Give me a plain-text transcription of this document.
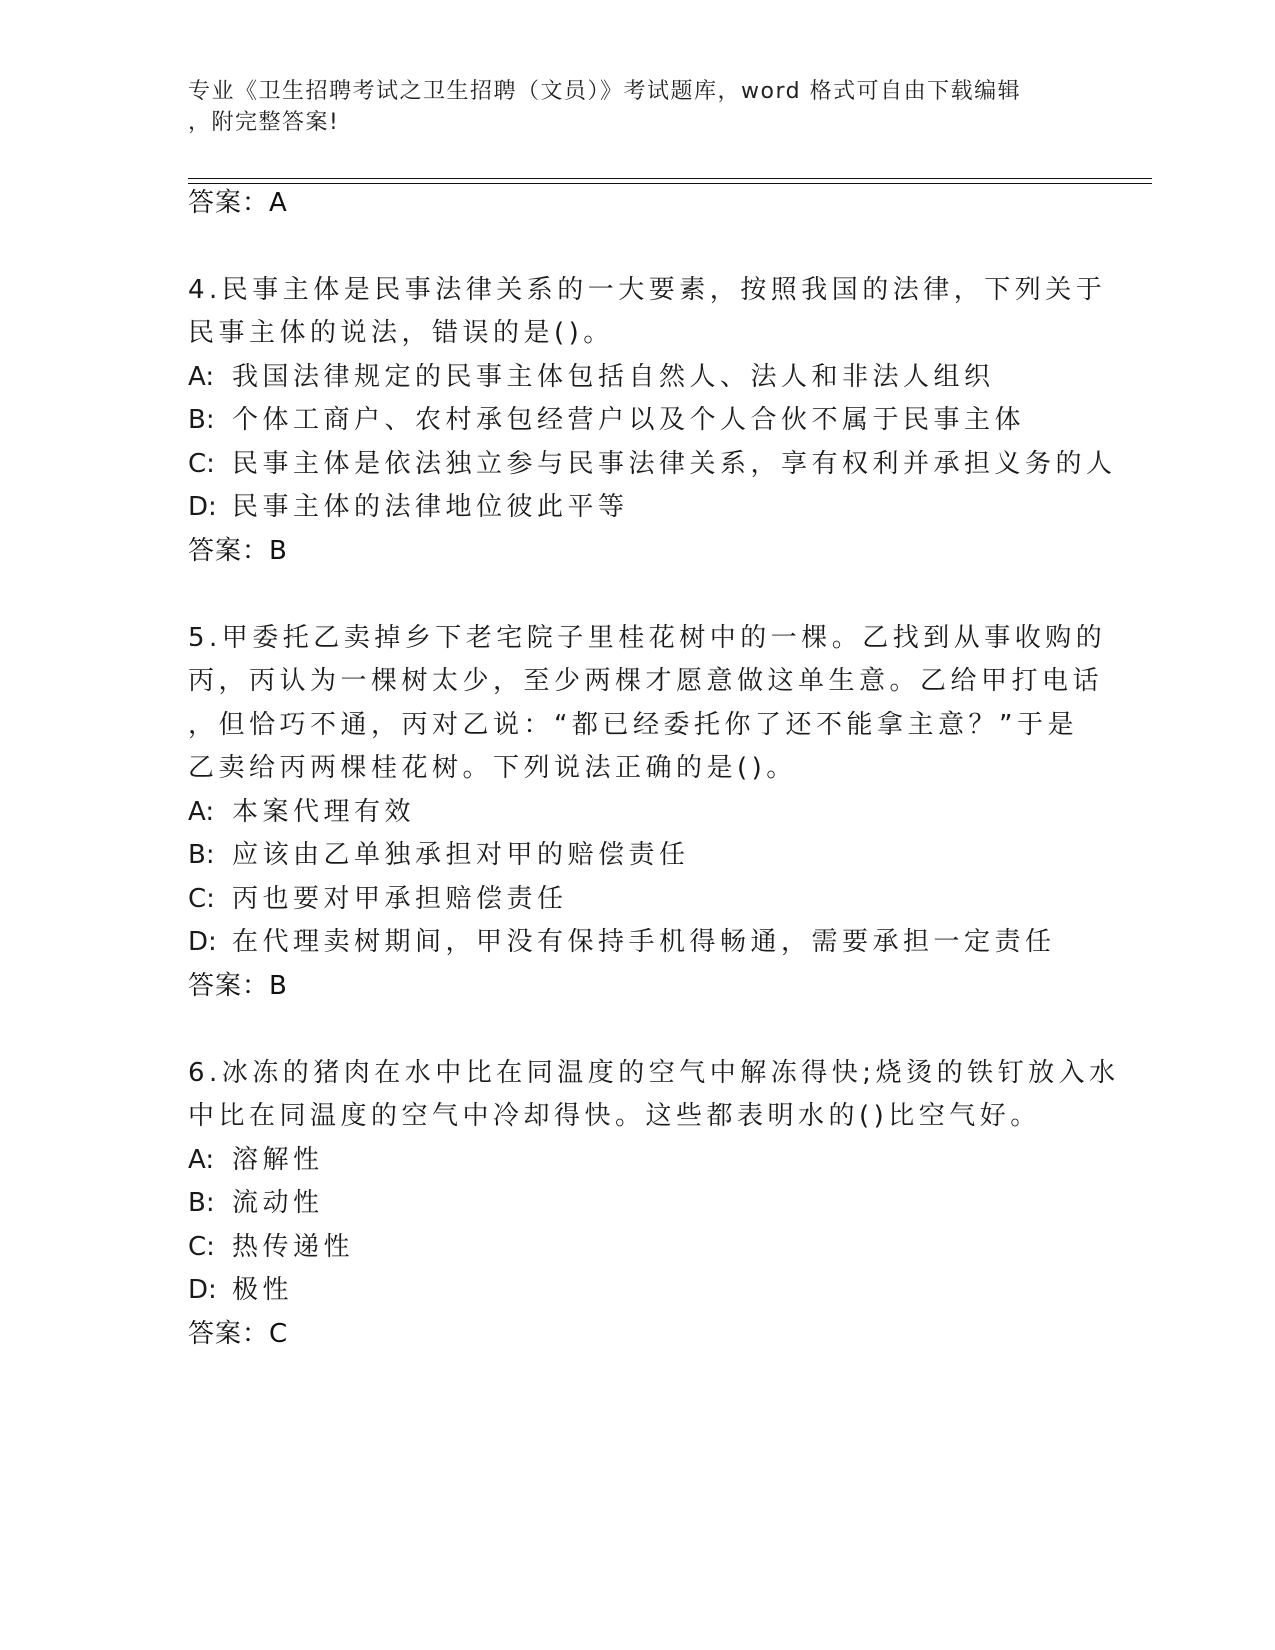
专业《卫生招聘考试之卫生招聘（文员）》考试题库，word 格式可自由下载编辑
，附完整答案!
答案：A
4.民事主体是民事法律关系的一大要素，按照我国的法律，下列关于
民事主体的说法，错误的是()。
A: 我国法律规定的民事主体包括自然人、法人和非法人组织
B: 个体工商户、农村承包经营户以及个人合伙不属于民事主体
C: 民事主体是依法独立参与民事法律关系，享有权利并承担义务的人
D: 民事主体的法律地位彼此平等
答案：B
5.甲委托乙卖掉乡下老宅院子里桂花树中的一棵。乙找到从事收购的
丙，丙认为一棵树太少，至少两棵才愿意做这单生意。乙给甲打电话
，但恰巧不通，丙对乙说：“都已经委托你了还不能拿主意？”于是
乙卖给丙两棵桂花树。下列说法正确的是()。
A: 本案代理有效
B: 应该由乙单独承担对甲的赔偿责任
C: 丙也要对甲承担赔偿责任
D: 在代理卖树期间，甲没有保持手机得畅通，需要承担一定责任
答案：B
6.冰冻的猪肉在水中比在同温度的空气中解冻得快;烧烫的铁钉放入水
中比在同温度的空气中冷却得快。这些都表明水的()比空气好。
A: 溶解性
B: 流动性
C: 热传递性
D: 极性
答案：C
